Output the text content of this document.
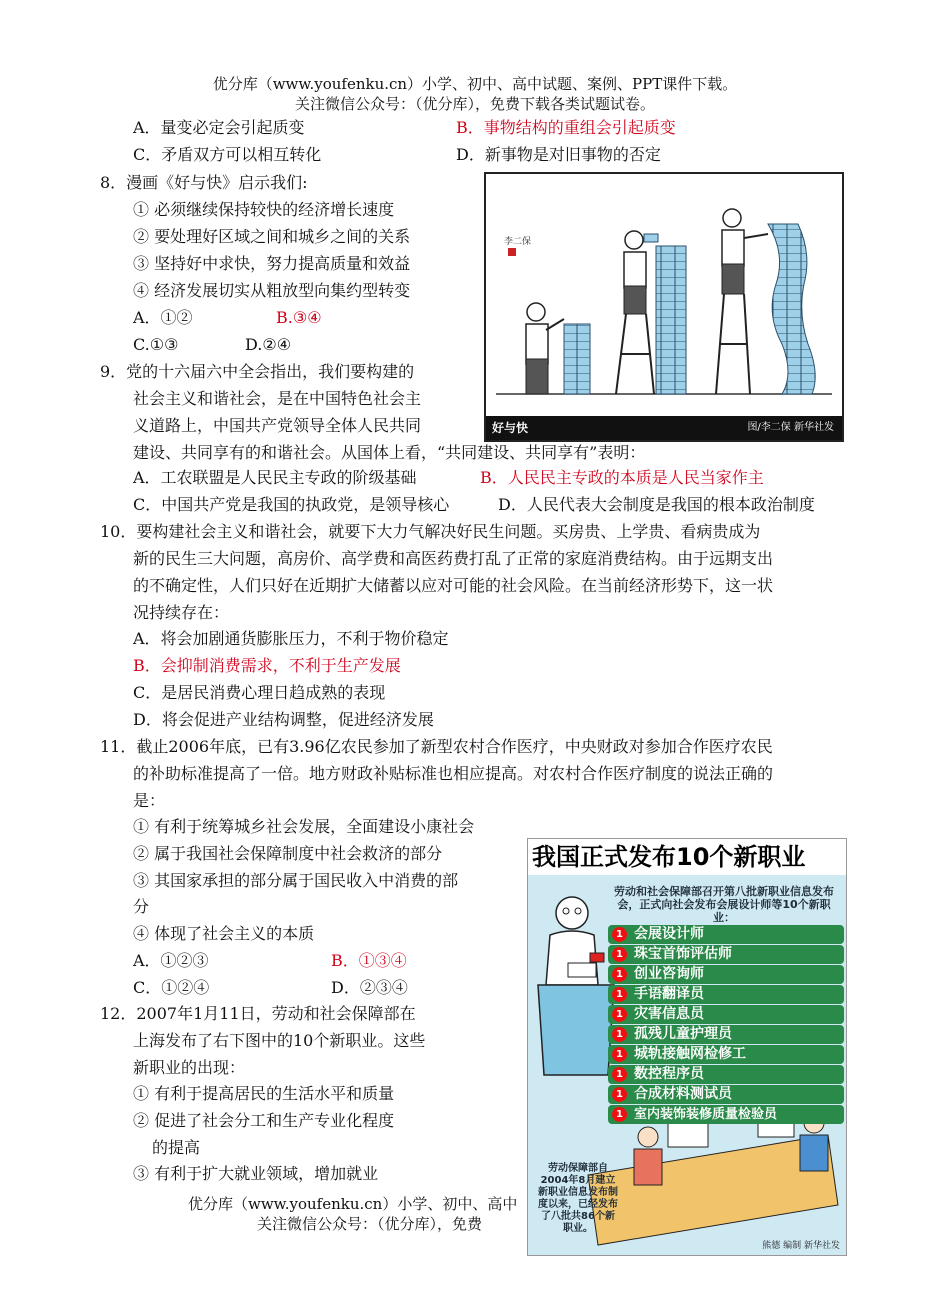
优分库（www.youfenku.cn）小学、初中、高中试题、案例、PPT课件下载。
关注微信公众号：（优分库），免费下载各类试题试卷。
A．量变必定会引起质变	B．事物结构的重组会引起质变
C．矛盾双方可以相互转化	D．新事物是对旧事物的否定
8．漫画《好与快》启示我们:
① 必须继续保持较快的经济增长速度
② 要处理好区域之间和城乡之间的关系
③ 坚持好中求快，努力提高质量和效益
④ 经济发展切实从粗放型向集约型转变
A．①②	B.③④
C.①③	D.②④
李二保
好与快	图/李二保 新华社发
9．党的十六届六中全会指出，我们要构建的
社会主义和谐社会，是在中国特色社会主
义道路上，中国共产党领导全体人民共同
建设、共同享有的和谐社会。从国体上看，“共同建设、共同享有”表明：
A．工农联盟是人民民主专政的阶级基础	B．人民民主专政的本质是人民当家作主
C．中国共产党是我国的执政党，是领导核心	D．人民代表大会制度是我国的根本政治制度
10．要构建社会主义和谐社会，就要下大力气解决好民生问题。买房贵、上学贵、看病贵成为
新的民生三大问题，高房价、高学费和高医药费打乱了正常的家庭消费结构。由于远期支出
的不确定性，人们只好在近期扩大储蓄以应对可能的社会风险。在当前经济形势下，这一状
况持续存在：
A．将会加剧通货膨胀压力，不利于物价稳定
B．会抑制消费需求，不利于生产发展
C．是居民消费心理日趋成熟的表现
D．将会促进产业结构调整，促进经济发展
11．截止2006年底，已有3.96亿农民参加了新型农村合作医疗，中央财政对参加合作医疗农民
的补助标准提高了一倍。地方财政补贴标准也相应提高。对农村合作医疗制度的说法正确的
是：
① 有利于统筹城乡社会发展，全面建设小康社会
② 属于我国社会保障制度中社会救济的部分
③ 其国家承担的部分属于国民收入中消费的部
分
④ 体现了社会主义的本质
A．①②③	B．①③④
C．①②④	D．②③④
12．2007年1月11日，劳动和社会保障部在
上海发布了右下图中的10个新职业。这些
新职业的出现：
① 有利于提高居民的生活水平和质量
② 促进了社会分工和生产专业化程度
的提高
③ 有利于扩大就业领域，增加就业
优分库（www.youfenku.cn）小学、初中、高中
关注微信公众号：（优分库），免费
我国正式发布10个新职业
劳动和社会保障部召开第八批新职业信息发布会，正式向社会发布会展设计师等10个新职业：
1 会展设计师
1 珠宝首饰评估师
1 创业咨询师
1 手语翻译员
1 灾害信息员
1 孤残儿童护理员
1 城轨接触网检修工
1 数控程序员
1 合成材料测试员
1 室内装饰装修质量检验员
劳动保障部自2004年8月建立新职业信息发布制度以来，已经发布了八批共86个新职业。
熊德 编制 新华社发
